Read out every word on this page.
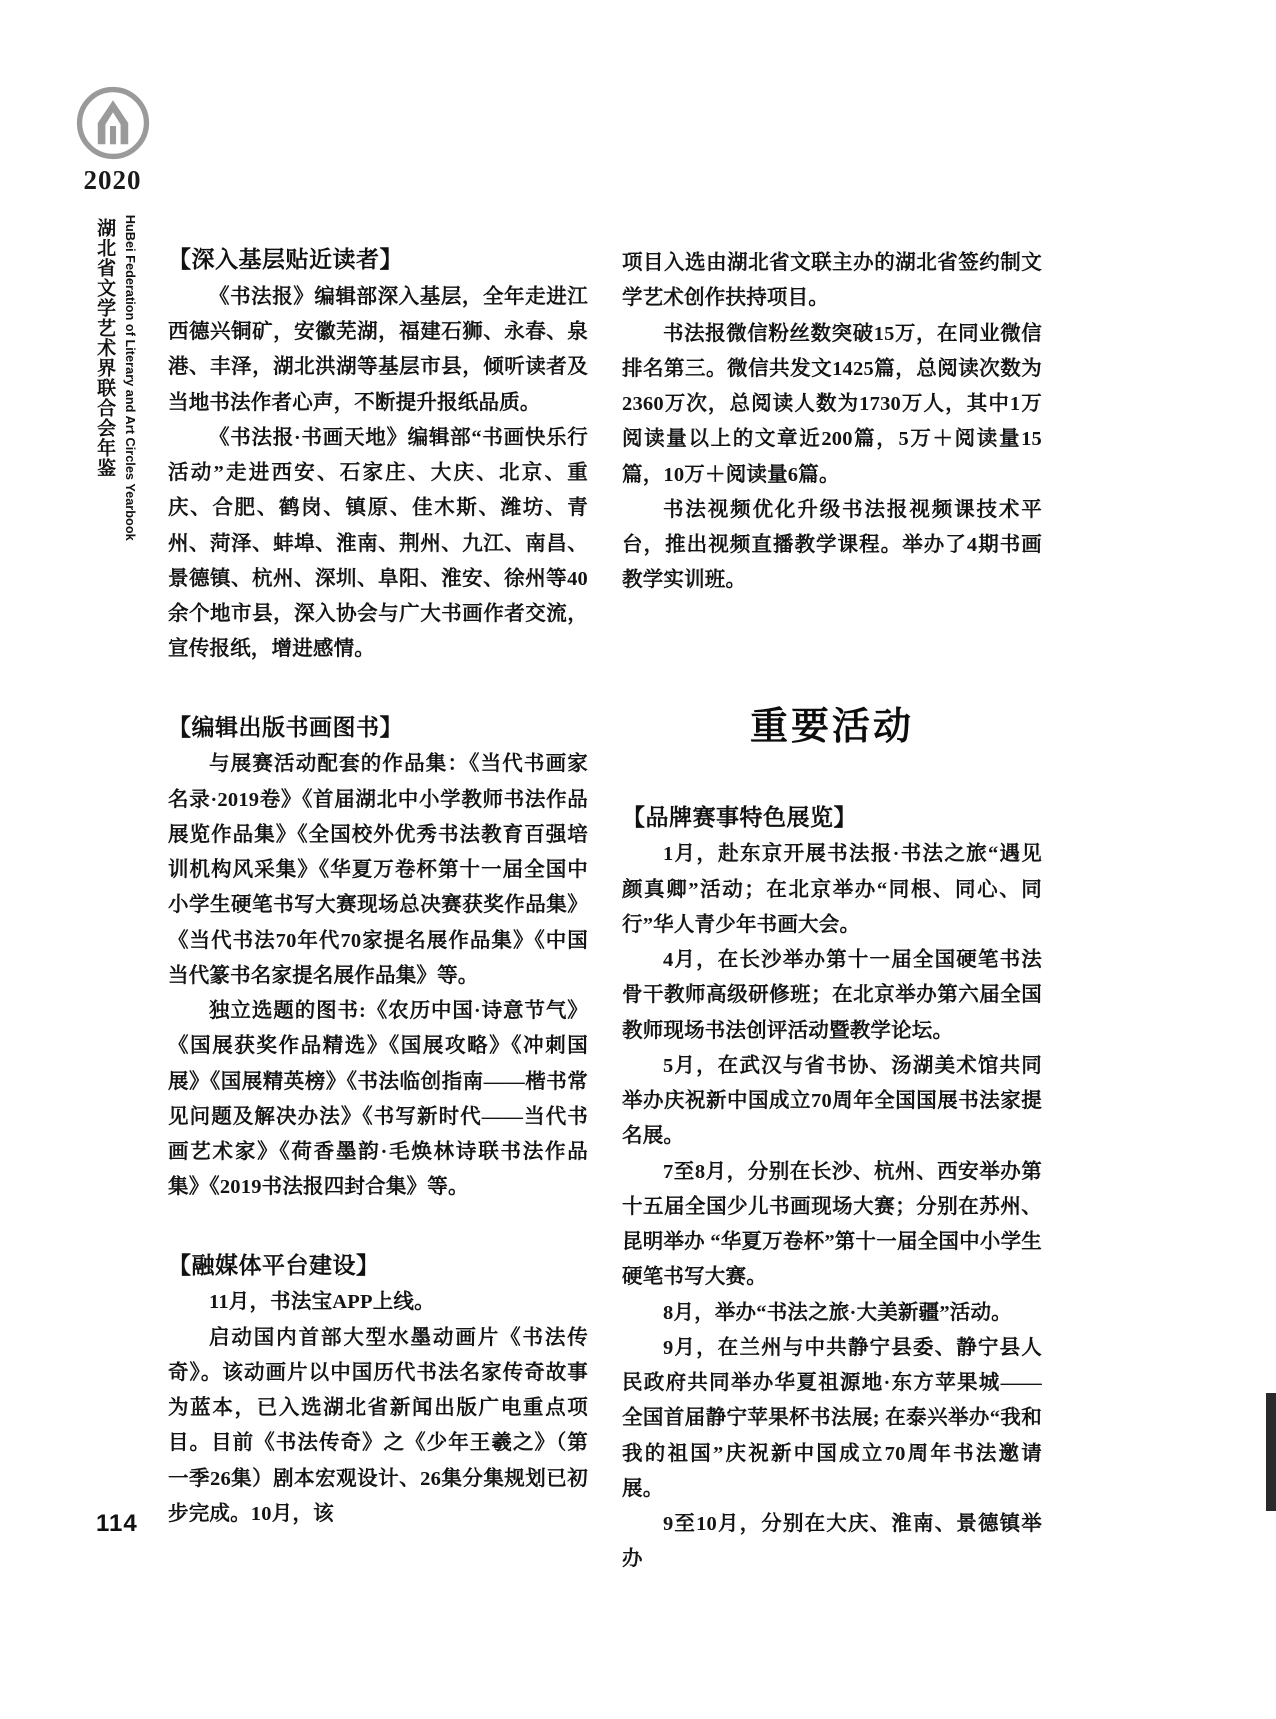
2020
HuBei Federation of Literary and Art Circles Yearbook
湖北省文学艺术界联合会年鉴 【深入基层贴近读者】

《书法报》编辑部深入基层，全年走进江西德兴铜矿，安徽芜湖，福建石狮、永春、泉港、丰泽，湖北洪湖等基层市县，倾听读者及当地书法作者心声，不断提升报纸品质。

《书法报·书画天地》编辑部“书画快乐行活动”走进西安、石家庄、大庆、北京、重庆、合肥、鹤岗、镇原、佳木斯、潍坊、青州、菏泽、蚌埠、淮南、荆州、九江、南昌、景德镇、杭州、深圳、阜阳、淮安、徐州等40余个地市县，深入协会与广大书画作者交流，宣传报纸，增进感情。

【编辑出版书画图书】

与展赛活动配套的作品集：《当代书画家名录·2019卷》《首届湖北中小学教师书法作品展览作品集》《全国校外优秀书法教育百强培训机构风采集》《华夏万卷杯第十一届全国中小学生硬笔书写大赛现场总决赛获奖作品集》《当代书法70年代70家提名展作品集》《中国当代篆书名家提名展作品集》等。

独立选题的图书:《农历中国·诗意节气》《国展获奖作品精选》《国展攻略》《冲刺国展》《国展精英榜》《书法临创指南——楷书常见问题及解决办法》《书写新时代——当代书画艺术家》《荷香墨韵·毛焕林诗联书法作品集》《2019书法报四封合集》等。

【融媒体平台建设】

11月，书法宝APP上线。

启动国内首部大型水墨动画片《书法传奇》。该动画片以中国历代书法名家传奇故事为蓝本，已入选湖北省新闻出版广电重点项目。目前《书法传奇》之《少年王羲之》（第一季26集）剧本宏观设计、26集分集规划已初步完成。10月，该

项目入选由湖北省文联主办的湖北省签约制文学艺术创作扶持项目。

书法报微信粉丝数突破15万，在同业微信排名第三。微信共发文1425篇，总阅读次数为2360万次，总阅读人数为1730万人，其中1万阅读量以上的文章近200篇，5万＋阅读量15篇，10万＋阅读量6篇。

书法视频优化升级书法报视频课技术平台，推出视频直播教学课程。举办了4期书画教学实训班。

重要活动
【品牌赛事特色展览】

1月，赴东京开展书法报·书法之旅“遇见颜真卿”活动；在北京举办“同根、同心、同行”华人青少年书画大会。

4月，在长沙举办第十一届全国硬笔书法骨干教师高级研修班；在北京举办第六届全国教师现场书法创评活动暨教学论坛。

5月，在武汉与省书协、汤湖美术馆共同举办庆祝新中国成立70周年全国国展书法家提名展。

7至8月，分别在长沙、杭州、西安举办第十五届全国少儿书画现场大赛；分别在苏州、昆明举办 “华夏万卷杯”第十一届全国中小学生硬笔书写大赛。

8月，举办“书法之旅·大美新疆”活动。

9月，在兰州与中共静宁县委、静宁县人民政府共同举办华夏祖源地·东方苹果城——全国首届静宁苹果杯书法展; 在泰兴举办“我和我的祖国”庆祝新中国成立70周年书法邀请展。

9至10月，分别在大庆、淮南、景德镇举办

114
